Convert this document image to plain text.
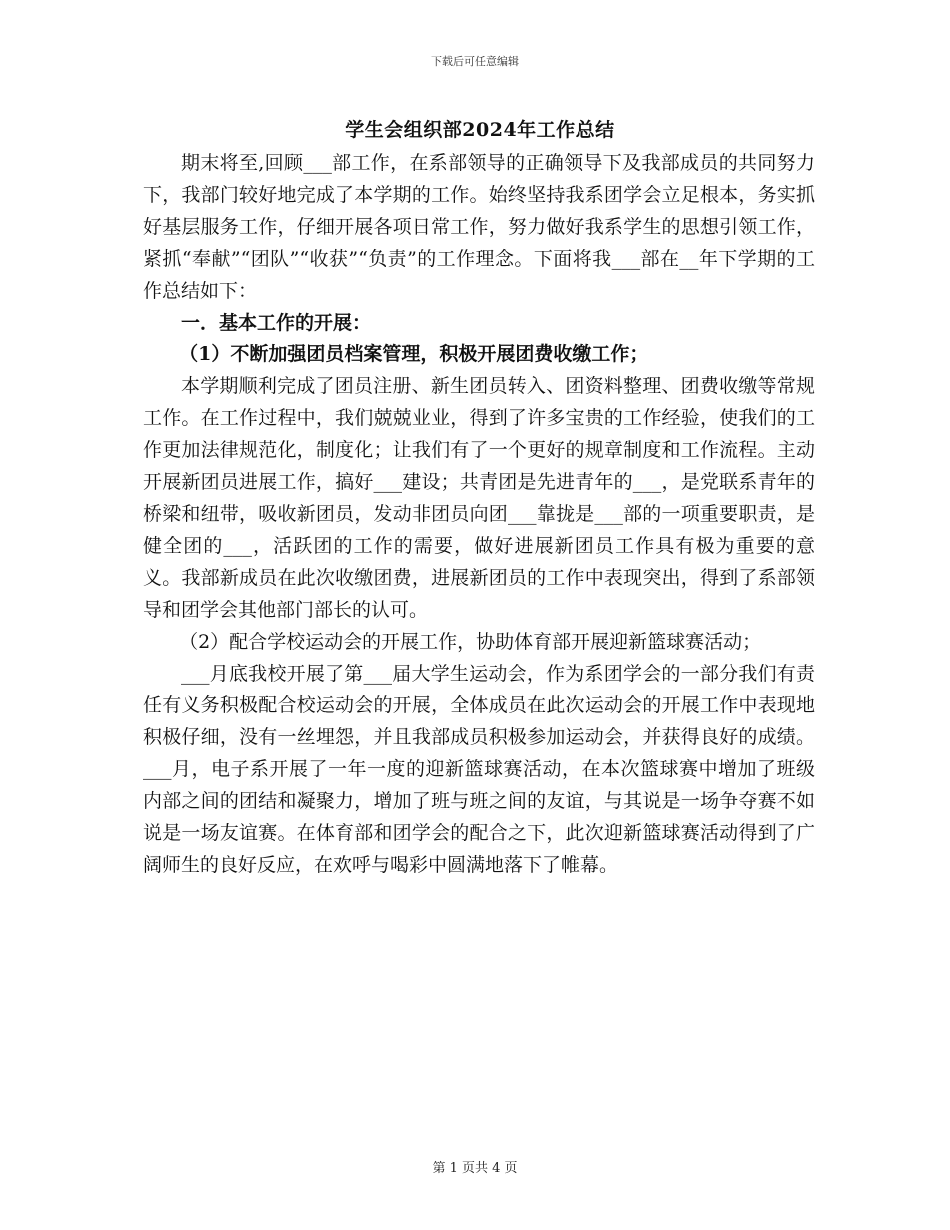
下载后可任意编辑
学生会组织部2024年工作总结

期末将至,回顾___部工作，在系部领导的正确领导下及我部成员的共同努力下，我部门较好地完成了本学期的工作。始终坚持我系团学会立足根本，务实抓好基层服务工作，仔细开展各项日常工作，努力做好我系学生的思想引领工作，紧抓“奉献”“团队”“收获”“负责”的工作理念。下面将我___部在__年下学期的工作总结如下：

一．基本工作的开展：

（1）不断加强团员档案管理，积极开展团费收缴工作；

本学期顺利完成了团员注册、新生团员转入、团资料整理、团费收缴等常规工作。在工作过程中，我们兢兢业业，得到了许多宝贵的工作经验，使我们的工作更加法律规范化，制度化；让我们有了一个更好的规章制度和工作流程。主动开展新团员进展工作，搞好___建设；共青团是先进青年的___，是党联系青年的桥梁和纽带，吸收新团员，发动非团员向团___靠拢是___部的一项重要职责，是健全团的___，活跃团的工作的需要，做好进展新团员工作具有极为重要的意义。我部新成员在此次收缴团费，进展新团员的工作中表现突出，得到了系部领导和团学会其他部门部长的认可。

（2）配合学校运动会的开展工作，协助体育部开展迎新篮球赛活动；

___月底我校开展了第___届大学生运动会，作为系团学会的一部分我们有责任有义务积极配合校运动会的开展，全体成员在此次运动会的开展工作中表现地积极仔细，没有一丝埋怨，并且我部成员积极参加运动会，并获得良好的成绩。___月，电子系开展了一年一度的迎新篮球赛活动，在本次篮球赛中增加了班级内部之间的团结和凝聚力，增加了班与班之间的友谊，与其说是一场争夺赛不如说是一场友谊赛。在体育部和团学会的配合之下，此次迎新篮球赛活动得到了广阔师生的良好反应，在欢呼与喝彩中圆满地落下了帷幕。

第 1 页共 4 页
